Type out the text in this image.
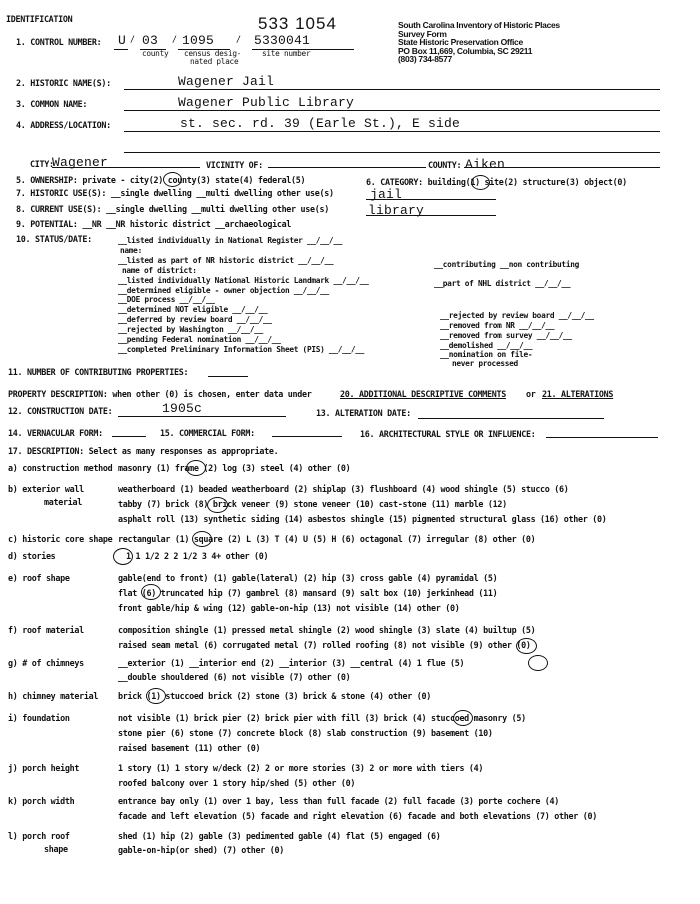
IDENTIFICATION	533 1054	South Carolina Inventory of Historic Places
Survey Form
State Historic Preservation Office
PO Box 11,669, Columbia, SC 29211
(803) 734-8577
1. CONTROL NUMBER: U / 03 / 1095	/ 5330041
county census desig-
nated place
site number
2. HISTORIC NAME(S):	Wagener Jail
3. COMMON NAME:	Wagener Public Library
4. ADDRESS/LOCATION:	st. sec. rd. 39 (Earle St.), E side
CITY:
Wagener	VICINITY OF:	COUNTY: Aiken
5. OWNERSHIP: private - city(2) county(3) state(4) federal(5)	6. CATEGORY: building(1) site(2) structure(3) object(0)
7. HISTORIC USE(S): __single dwelling __multi dwelling other use(s)	jail
8. CURRENT USE(S): __single dwelling __multi dwelling other use(s)	library
9. POTENTIAL: __NR __NR historic district __archaeological
10. STATUS/DATE:	__listed individually in National Register __/__/__
name:
__listed as part of NR historic district __/__/__
name of district:
__listed individually National Historic Landmark __/__/__
__determined eligible - owner objection __/__/__
__DOE process __/__/__
__determined NOT eligible __/__/__
__deferred by review board __/__/__
__rejected by Washington __/__/__
__pending Federal nomination __/__/__
__completed Preliminary Information Sheet (PIS) __/__/__
__contributing __non contributing
__part of NHL district __/__/__
__rejected by review board __/__/__
__removed from NR __/__/__
__removed from survey __/__/__
__demolished __/__/__
__nomination on file-
never processed
11. NUMBER OF CONTRIBUTING PROPERTIES:
PROPERTY DESCRIPTION: when other (0) is chosen, enter data under	20. ADDITIONAL DESCRIPTIVE COMMENTS or 21. ALTERATIONS
12. CONSTRUCTION DATE:	1905c	13. ALTERATION DATE:
14. VERNACULAR FORM:	15. COMMERCIAL FORM:	16. ARCHITECTURAL STYLE OR INFLUENCE:
17. DESCRIPTION: Select as many responses as appropriate.
a) construction method masonry (1) frame (2) log (3) steel (4) other (0)
b) exterior wall
material
weatherboard (1) beaded weatherboard (2) shiplap (3) flushboard (4) wood shingle (5) stucco (6)
tabby (7) brick (8) brick veneer (9) stone veneer (10) cast-stone (11) marble (12)
asphalt roll (13) synthetic siding (14) asbestos shingle (15) pigmented structural glass (16) other (0)
c) historic core shape rectangular (1) square (2) L (3) T (4) U (5) H (6) octagonal (7) irregular (8) other (0)
d) stories	1 1 1/2 2 2 1/2 3 4+ other (0)
e) roof shape	gable(end to front) (1) gable(lateral) (2) hip (3) cross gable (4) pyramidal (5)
flat (6) truncated hip (7) gambrel (8) mansard (9) salt box (10) jerkinhead (11)
front gable/hip & wing (12) gable-on-hip (13) not visible (14) other (0)
f) roof material	composition shingle (1) pressed metal shingle (2) wood shingle (3) slate (4) builtup (5)
raised seam metal (6) corrugated metal (7) rolled roofing (8) not visible (9) other (0)
g) # of chimneys	__exterior (1) __interior end (2) __interior (3) __central (4) 1 flue (5)
__double shouldered (6) not visible (7) other (0)
h) chimney material brick (1) stuccoed brick (2) stone (3) brick & stone (4) other (0)
i) foundation	not visible (1) brick pier (2) brick pier with fill (3) brick (4) stuccoed masonry (5)
stone pier (6) stone (7) concrete block (8) slab construction (9) basement (10)
raised basement (11) other (0)
j) porch height	1 story (1) 1 story w/deck (2) 2 or more stories (3) 2 or more with tiers (4)
roofed balcony over 1 story hip/shed (5) other (0)
k) porch width	entrance bay only (1) over 1 bay, less than full facade (2) full facade (3) porte cochere (4)
facade and left elevation (5) facade and right elevation (6) facade and both elevations (7) other (0)
l) porch roof
shape
shed (1) hip (2) gable (3) pedimented gable (4) flat (5) engaged (6)
gable-on-hip(or shed) (7) other (0)
